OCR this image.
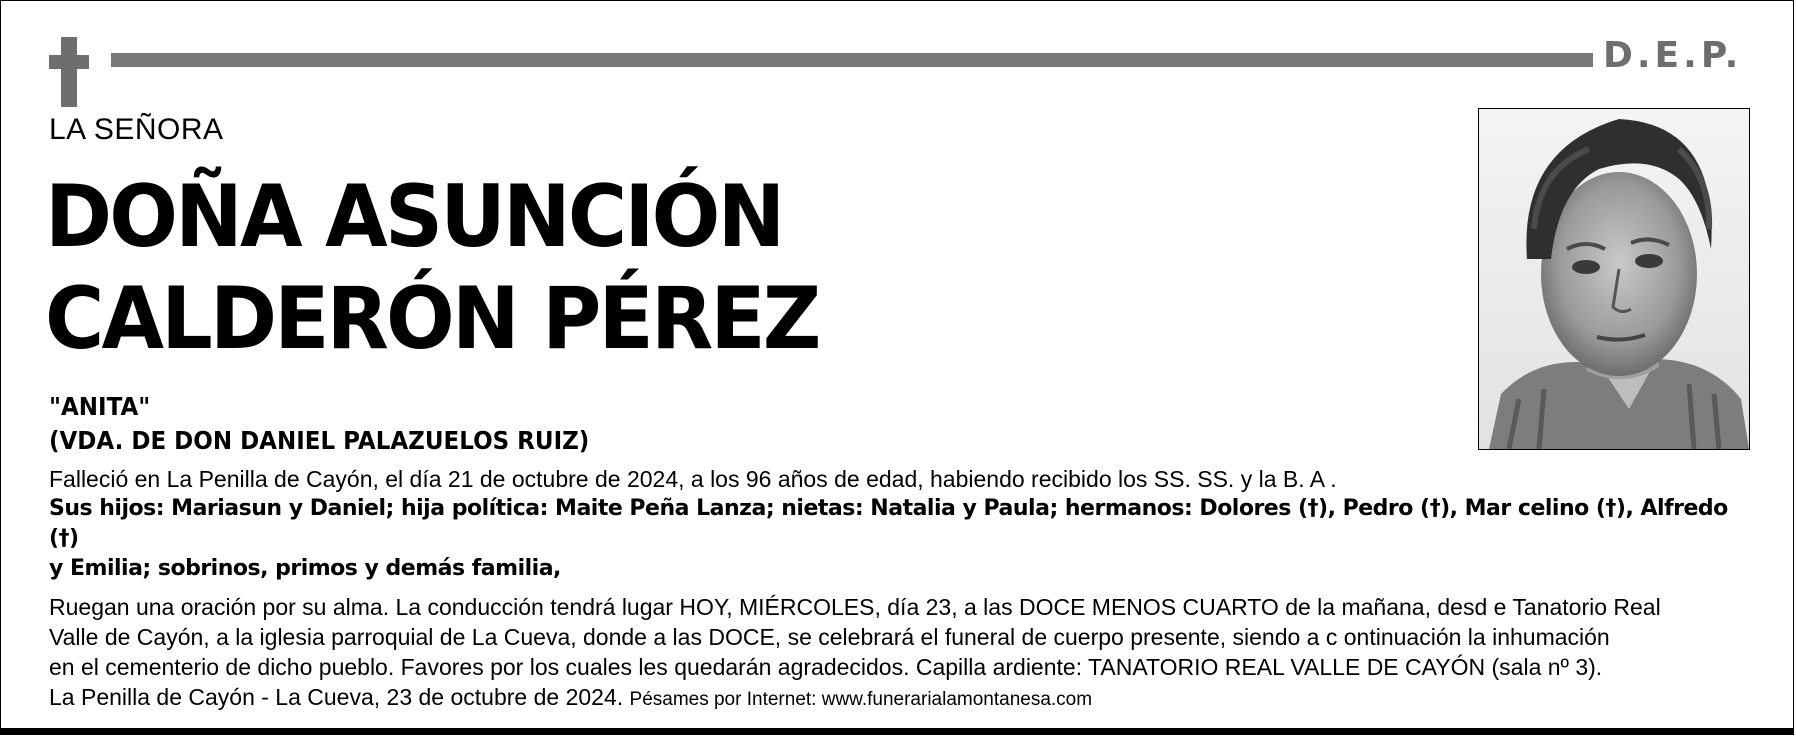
D.E.P.
LA SEÑORA
DOÑA ASUNCIÓN
CALDERÓN PÉREZ
"ANITA"
(VDA. DE DON DANIEL PALAZUELOS RUIZ)

Falleció en La Penilla de Cayón, el día 21 de octubre de 2024, a los 96 años de edad, habiendo recibido los SS. SS. y la B. A .

Sus hijos: Mariasun y Daniel; hija política: Maite Peña Lanza; nietas: Natalia y Paula; hermanos: Dolores (†), Pedro (†), Mar celino (†), Alfredo (†)

y Emilia; sobrinos, primos y demás familia,

Ruegan una oración por su alma. La conducción tendrá lugar HOY, MIÉRCOLES, día 23, a las DOCE MENOS CUARTO de la mañana, desd e Tanatorio Real

Valle de Cayón, a la iglesia parroquial de La Cueva, donde a las DOCE, se celebrará el funeral de cuerpo presente, siendo a c ontinuación la inhumación

en el cementerio de dicho pueblo. Favores por los cuales les quedarán agradecidos. Capilla ardiente: TANATORIO REAL VALLE DE CAYÓN (sala nº 3).

La Penilla de Cayón - La Cueva, 23 de octubre de 2024. Pésames por Internet: www.funerarialamontanesa.com
